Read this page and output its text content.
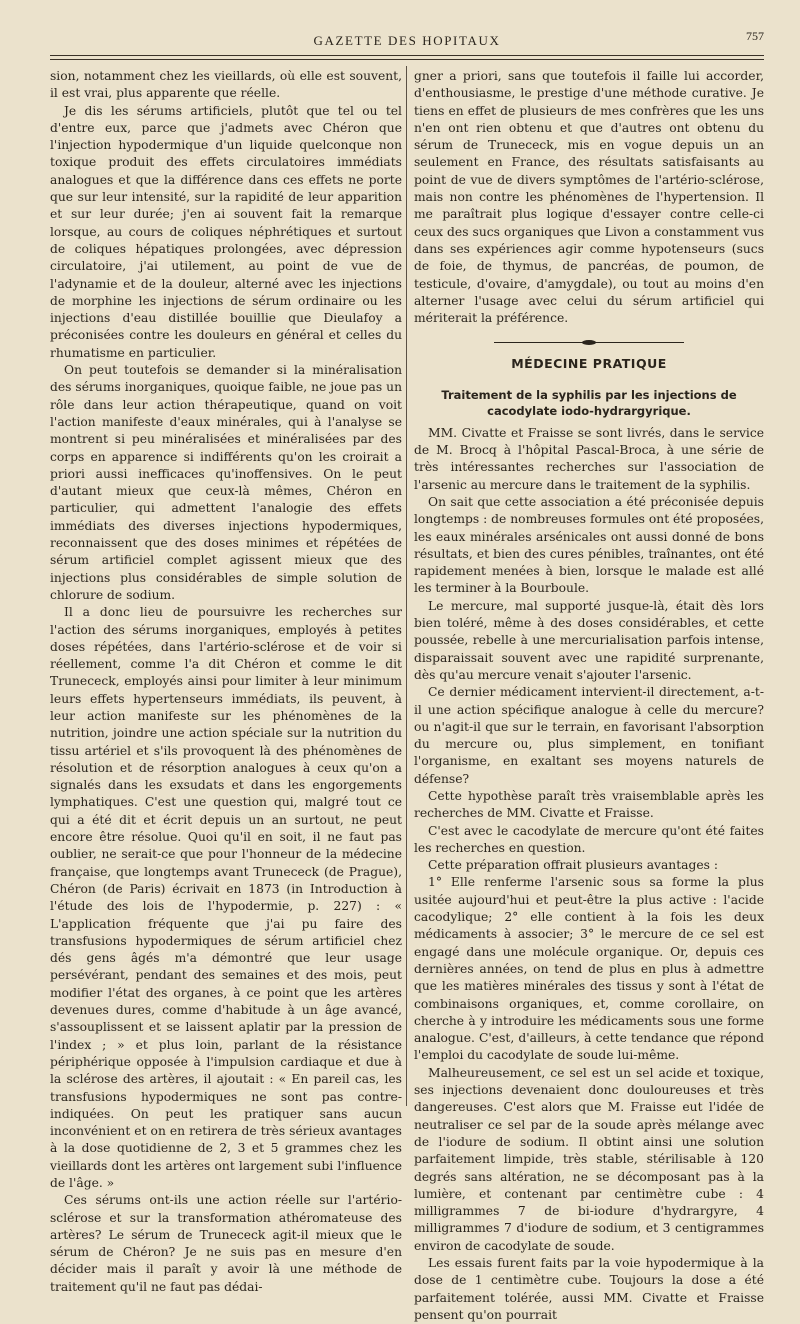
GAZETTE DES HOPITAUX	757

sion, notamment chez les vieillards, où elle est souvent, il est vrai, plus apparente que réelle.

Je dis les sérums artificiels, plutôt que tel ou tel d'entre eux, parce que j'admets avec Chéron que l'injection hypodermique d'un liquide quelconque non toxique produit des effets circulatoires immédiats analogues et que la différence dans ces effets ne porte que sur leur intensité, sur la rapidité de leur apparition et sur leur durée; j'en ai souvent fait la remarque lorsque, au cours de coliques néphrétiques et surtout de coliques hépatiques prolongées, avec dépression circulatoire, j'ai utilement, au point de vue de l'adynamie et de la douleur, alterné avec les injections de morphine les injections de sérum ordinaire ou les injections d'eau distillée bouillie que Dieulafoy a préconisées contre les douleurs en général et celles du rhumatisme en particulier.

On peut toutefois se demander si la minéralisation des sérums inorganiques, quoique faible, ne joue pas un rôle dans leur action thérapeutique, quand on voit l'action manifeste d'eaux minérales, qui à l'analyse se montrent si peu minéralisées et minéralisées par des corps en apparence si indifférents qu'on les croirait a priori aussi inefficaces qu'inoffensives. On le peut d'autant mieux que ceux-là mêmes, Chéron en particulier, qui admettent l'analogie des effets immédiats des diverses injections hypodermiques, reconnaissent que des doses minimes et répétées de sérum artificiel complet agissent mieux que des injections plus considérables de simple solution de chlorure de sodium.

Il a donc lieu de poursuivre les recherches sur l'action des sérums inorganiques, employés à petites doses répétées, dans l'artério-sclérose et de voir si réellement, comme l'a dit Chéron et comme le dit Trunececk, employés ainsi pour limiter à leur minimum leurs effets hypertenseurs immédiats, ils peuvent, à leur action manifeste sur les phénomènes de la nutrition, joindre une action spéciale sur la nutrition du tissu artériel et s'ils provoquent là des phénomènes de résolution et de résorption analogues à ceux qu'on a signalés dans les exsudats et dans les engorgements lymphatiques. C'est une question qui, malgré tout ce qui a été dit et écrit depuis un an surtout, ne peut encore être résolue. Quoi qu'il en soit, il ne faut pas oublier, ne serait-ce que pour l'honneur de la médecine française, que longtemps avant Trunececk (de Prague), Chéron (de Paris) écrivait en 1873 (in Introduction à l'étude des lois de l'hypodermie, p. 227) : « L'application fréquente que j'ai pu faire des transfusions hypodermiques de sérum artificiel chez dés gens âgés m'a démontré que leur usage persévérant, pendant des semaines et des mois, peut modifier l'état des organes, à ce point que les artères devenues dures, comme d'habitude à un âge avancé, s'assouplissent et se laissent aplatir par la pression de l'index ; » et plus loin, parlant de la résistance périphérique opposée à l'impulsion cardiaque et due à la sclérose des artères, il ajoutait : « En pareil cas, les transfusions hypodermiques ne sont pas contre-indiquées. On peut les pratiquer sans aucun inconvénient et on en retirera de très sérieux avantages à la dose quotidienne de 2, 3 et 5 grammes chez les vieillards dont les artères ont largement subi l'influence de l'âge. »

Ces sérums ont-ils une action réelle sur l'artério-sclérose et sur la transformation athéromateuse des artères? Le sérum de Trunececk agit-il mieux que le sérum de Chéron? Je ne suis pas en mesure d'en décider mais il paraît y avoir là une méthode de traitement qu'il ne faut pas dédai-

gner a priori, sans que toutefois il faille lui accorder, d'enthousiasme, le prestige d'une méthode curative. Je tiens en effet de plusieurs de mes confrères que les uns n'en ont rien obtenu et que d'autres ont obtenu du sérum de Trunececk, mis en vogue depuis un an seulement en France, des résultats satisfaisants au point de vue de divers symptômes de l'artério-sclérose, mais non contre les phénomènes de l'hypertension. Il me paraîtrait plus logique d'essayer contre celle-ci ceux des sucs organiques que Livon a constamment vus dans ses expériences agir comme hypotenseurs (sucs de foie, de thymus, de pancréas, de poumon, de testicule, d'ovaire, d'amygdale), ou tout au moins d'en alterner l'usage avec celui du sérum artificiel qui mériterait la préférence.

MÉDECINE PRATIQUE
Traitement de la syphilis par les injections de cacodylate iodo-hydrargyrique.

MM. Civatte et Fraisse se sont livrés, dans le service de M. Brocq à l'hôpital Pascal-Broca, à une série de très intéressantes recherches sur l'association de l'arsenic au mercure dans le traitement de la syphilis.

On sait que cette association a été préconisée depuis longtemps : de nombreuses formules ont été proposées, les eaux minérales arsénicales ont aussi donné de bons résultats, et bien des cures pénibles, traînantes, ont été rapidement menées à bien, lorsque le malade est allé les terminer à la Bourboule.

Le mercure, mal supporté jusque-là, était dès lors bien toléré, même à des doses considérables, et cette poussée, rebelle à une mercurialisation parfois intense, disparaissait souvent avec une rapidité surprenante, dès qu'au mercure venait s'ajouter l'arsenic.

Ce dernier médicament intervient-il directement, a-t-il une action spécifique analogue à celle du mercure? ou n'agit-il que sur le terrain, en favorisant l'absorption du mercure ou, plus simplement, en tonifiant l'organisme, en exaltant ses moyens naturels de défense?

Cette hypothèse paraît très vraisemblable après les recherches de MM. Civatte et Fraisse.

C'est avec le cacodylate de mercure qu'ont été faites les recherches en question.

Cette préparation offrait plusieurs avantages :

1° Elle renferme l'arsenic sous sa forme la plus usitée aujourd'hui et peut-être la plus active : l'acide cacodylique; 2° elle contient à la fois les deux médicaments à associer; 3° le mercure de ce sel est engagé dans une molécule organique. Or, depuis ces dernières années, on tend de plus en plus à admettre que les matières minérales des tissus y sont à l'état de combinaisons organiques, et, comme corollaire, on cherche à y introduire les médicaments sous une forme analogue. C'est, d'ailleurs, à cette tendance que répond l'emploi du cacodylate de soude lui-même.

Malheureusement, ce sel est un sel acide et toxique, ses injections devenaient donc douloureuses et très dangereuses. C'est alors que M. Fraisse eut l'idée de neutraliser ce sel par de la soude après mélange avec de l'iodure de sodium. Il obtint ainsi une solution parfaitement limpide, très stable, stérilisable à 120 degrés sans altération, ne se décomposant pas à la lumière, et contenant par centimètre cube : 4 milligrammes 7 de bi-iodure d'hydrargyre, 4 milligrammes 7 d'iodure de sodium, et 3 centigrammes environ de cacodylate de soude.

Les essais furent faits par la voie hypodermique à la dose de 1 centimètre cube. Toujours la dose a été parfaitement tolérée, aussi MM. Civatte et Fraisse pensent qu'on pourrait
